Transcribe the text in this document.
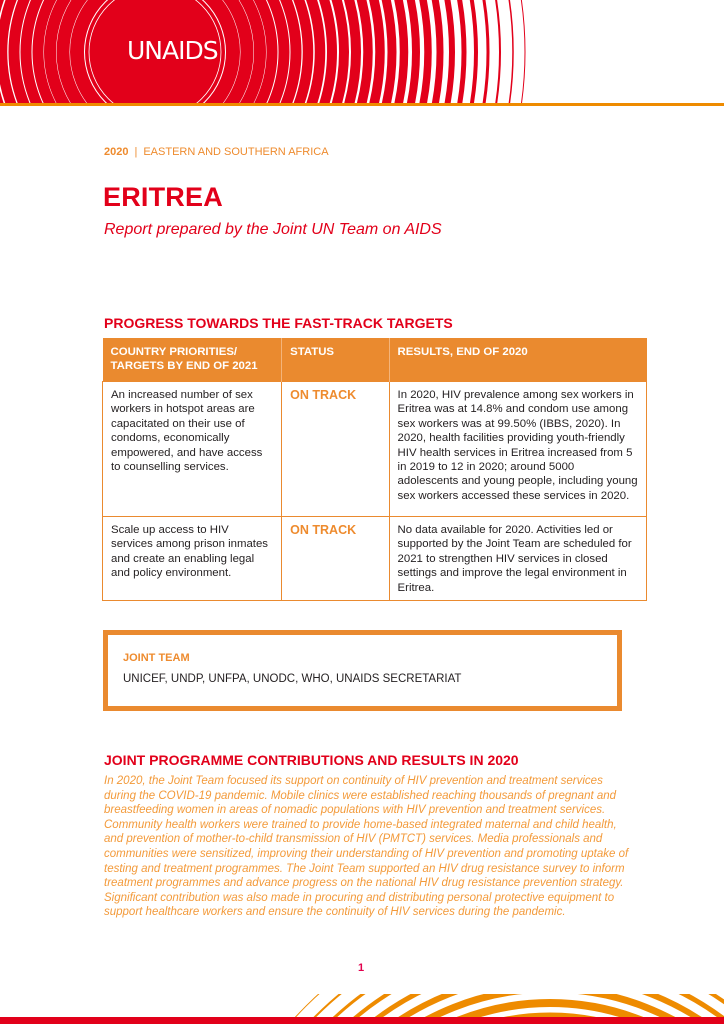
UNAIDS
2020 | EASTERN AND SOUTHERN AFRICA
ERITREA
Report prepared by the Joint UN Team on AIDS
PROGRESS TOWARDS THE FAST-TRACK TARGETS
COUNTRY PRIORITIES/ TARGETS BY END OF 2021	STATUS	RESULTS, END OF 2020
An increased number of sex workers in hotspot areas are capacitated on their use of condoms, economically empowered, and have access to counselling services.	ON TRACK	In 2020, HIV prevalence among sex workers in Eritrea was at 14.8% and condom use among sex workers was at 99.50% (IBBS, 2020). In 2020, health facilities providing youth-friendly HIV health services in Eritrea increased from 5 in 2019 to 12 in 2020; around 5000 adolescents and young people, including young sex workers accessed these services in 2020.
Scale up access to HIV services among prison inmates and create an enabling legal and policy environment.	ON TRACK	No data available for 2020. Activities led or supported by the Joint Team are scheduled for 2021 to strengthen HIV services in closed settings and improve the legal environment in Eritrea.
JOINT TEAM
UNICEF, UNDP, UNFPA, UNODC, WHO, UNAIDS SECRETARIAT
JOINT PROGRAMME CONTRIBUTIONS AND RESULTS IN 2020
In 2020, the Joint Team focused its support on continuity of HIV prevention and treatment services during the COVID-19 pandemic. Mobile clinics were established reaching thousands of pregnant and breastfeeding women in areas of nomadic populations with HIV prevention and treatment services. Community health workers were trained to provide home-based integrated maternal and child health, and prevention of mother-to-child transmission of HIV (PMTCT) services. Media professionals and communities were sensitized, improving their understanding of HIV prevention and promoting uptake of testing and treatment programmes. The Joint Team supported an HIV drug resistance survey to inform treatment programmes and advance progress on the national HIV drug resistance prevention strategy. Significant contribution was also made in procuring and distributing personal protective equipment to support healthcare workers and ensure the continuity of HIV services during the pandemic.
1
